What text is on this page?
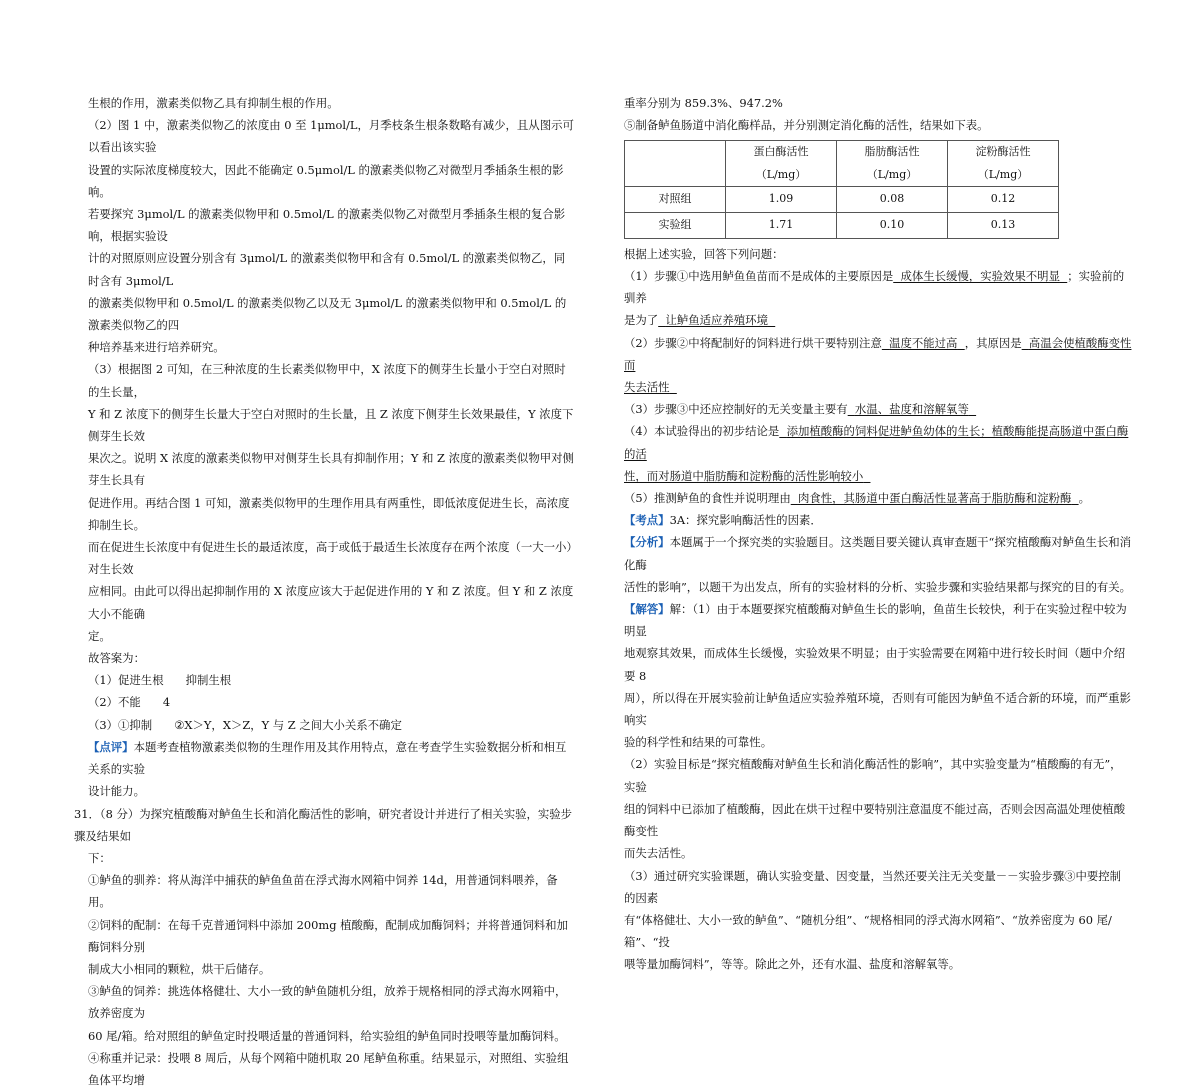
生根的作用，激素类似物乙具有抑制生根的作用。

（2）图 1 中，激素类似物乙的浓度由 0 至 1μmol/L，月季枝条生根条数略有减少，且从图示可以看出该实验

设置的实际浓度梯度较大，因此不能确定 0.5μmol/L 的激素类似物乙对微型月季插条生根的影响。

若要探究 3μmol/L 的激素类似物甲和 0.5mol/L 的激素类似物乙对微型月季插条生根的复合影响，根据实验设

计的对照原则应设置分别含有 3μmol/L 的激素类似物甲和含有 0.5mol/L 的激素类似物乙，同时含有 3μmol/L

的激素类似物甲和 0.5mol/L 的激素类似物乙以及无 3μmol/L 的激素类似物甲和 0.5mol/L 的激素类似物乙的四

种培养基来进行培养研究。

（3）根据图 2 可知，在三种浓度的生长素类似物甲中，X 浓度下的侧芽生长量小于空白对照时的生长量，

Y 和 Z 浓度下的侧芽生长量大于空白对照时的生长量，且 Z 浓度下侧芽生长效果最佳，Y 浓度下侧芽生长效

果次之。说明 X 浓度的激素类似物甲对侧芽生长具有抑制作用；Y 和 Z 浓度的激素类似物甲对侧芽生长具有

促进作用。再结合图 1 可知，激素类似物甲的生理作用具有两重性，即低浓度促进生长，高浓度抑制生长。

而在促进生长浓度中有促进生长的最适浓度，高于或低于最适生长浓度存在两个浓度（一大一小）对生长效

应相同。由此可以得出起抑制作用的 X 浓度应该大于起促进作用的 Y 和 Z 浓度。但 Y 和 Z 浓度大小不能确

定。

故答案为：

（1）促进生根 抑制生根

（2）不能 4

（3）①抑制 ②X＞Y，X＞Z，Y 与 Z 之间大小关系不确定

【点评】本题考查植物激素类似物的生理作用及其作用特点，意在考查学生实验数据分析和相互关系的实验

设计能力。

31．（8 分）为探究植酸酶对鲈鱼生长和消化酶活性的影响，研究者设计并进行了相关实验，实验步骤及结果如

下：

①鲈鱼的驯养：将从海洋中捕获的鲈鱼鱼苗在浮式海水网箱中饲养 14d，用普通饲料喂养，备用。

②饲料的配制：在每千克普通饲料中添加 200mg 植酸酶，配制成加酶饲料；并将普通饲料和加酶饲料分别

制成大小相同的颗粒，烘干后储存。

③鲈鱼的饲养：挑选体格健壮、大小一致的鲈鱼随机分组，放养于规格相同的浮式海水网箱中，放养密度为

60 尾/箱。给对照组的鲈鱼定时投喂适量的普通饲料，给实验组的鲈鱼同时投喂等量加酶饲料。

④称重并记录：投喂 8 周后，从每个网箱中随机取 20 尾鲈鱼称重。结果显示，对照组、实验组鱼体平均增

重率分别为 859.3%、947.2%

⑤制备鲈鱼肠道中消化酶样品，并分别测定消化酶的活性，结果如下表。

	蛋白酶活性（L/mg）	脂肪酶活性（L/mg）	淀粉酶活性（L/mg）
对照组	1.09	0.08	0.12
实验组	1.71	0.10	0.13

根据上述实验，回答下列问题：

（1）步骤①中选用鲈鱼鱼苗而不是成体的主要原因是 成体生长缓慢，实验效果不明显 ；实验前的驯养

是为了 让鲈鱼适应养殖环境

（2）步骤②中将配制好的饲料进行烘干要特别注意 温度不能过高 ，其原因是 高温会使植酸酶变性而

失去活性

（3）步骤③中还应控制好的无关变量主要有 水温、盐度和溶解氧等

（4）本试验得出的初步结论是 添加植酸酶的饲料促进鲈鱼幼体的生长；植酸酶能提高肠道中蛋白酶的活

性，而对肠道中脂肪酶和淀粉酶的活性影响较小

（5）推测鲈鱼的食性并说明理由 肉食性，其肠道中蛋白酶活性显著高于脂肪酶和淀粉酶 。

【考点】3A：探究影响酶活性的因素．

【分析】本题属于一个探究类的实验题目。这类题目要关键认真审查题干“探究植酸酶对鲈鱼生长和消化酶

活性的影响”，以题干为出发点，所有的实验材料的分析、实验步骤和实验结果都与探究的目的有关。

【解答】解：（1）由于本题要探究植酸酶对鲈鱼生长的影响，鱼苗生长较快，利于在实验过程中较为明显

地观察其效果，而成体生长缓慢，实验效果不明显；由于实验需要在网箱中进行较长时间（题中介绍要 8

周），所以得在开展实验前让鲈鱼适应实验养殖环境，否则有可能因为鲈鱼不适合新的环境，而严重影响实

验的科学性和结果的可靠性。

（2）实验目标是“探究植酸酶对鲈鱼生长和消化酶活性的影响”，其中实验变量为“植酸酶的有无”，实验

组的饲料中已添加了植酸酶，因此在烘干过程中要特别注意温度不能过高，否则会因高温处理使植酸酶变性

而失去活性。

（3）通过研究实验课题，确认实验变量、因变量，当然还要关注无关变量－－实验步骤③中要控制的因素

有“体格健壮、大小一致的鲈鱼”、“随机分组”、“规格相同的浮式海水网箱”、“放养密度为 60 尾/箱”、“投

喂等量加酶饲料”，等等。除此之外，还有水温、盐度和溶解氧等。
